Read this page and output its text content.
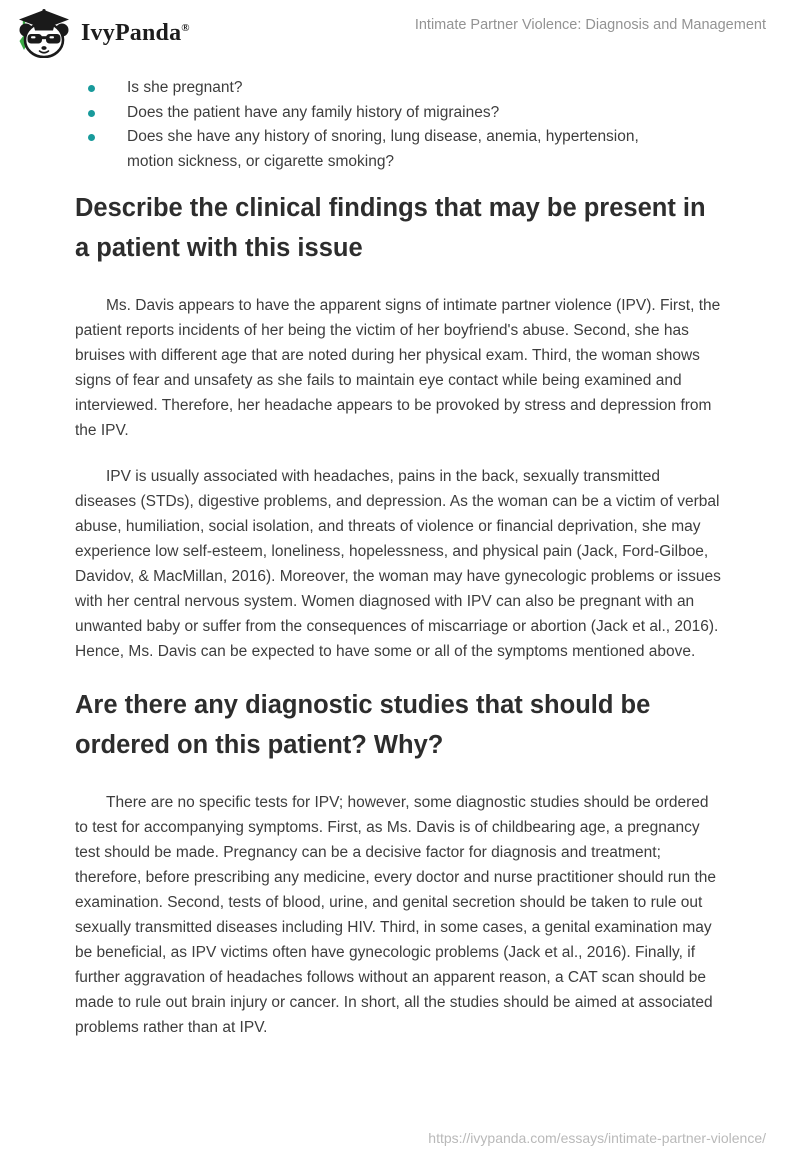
IvyPanda®	Intimate Partner Violence: Diagnosis and Management
Is she pregnant?
Does the patient have any family history of migraines?
Does she have any history of snoring, lung disease, anemia, hypertension, motion sickness, or cigarette smoking?
Describe the clinical findings that may be present in a patient with this issue

Ms. Davis appears to have the apparent signs of intimate partner violence (IPV). First, the patient reports incidents of her being the victim of her boyfriend's abuse. Second, she has bruises with different age that are noted during her physical exam. Third, the woman shows signs of fear and unsafety as she fails to maintain eye contact while being examined and interviewed. Therefore, her headache appears to be provoked by stress and depression from the IPV.

IPV is usually associated with headaches, pains in the back, sexually transmitted diseases (STDs), digestive problems, and depression. As the woman can be a victim of verbal abuse, humiliation, social isolation, and threats of violence or financial deprivation, she may experience low self-esteem, loneliness, hopelessness, and physical pain (Jack, Ford-Gilboe, Davidov, & MacMillan, 2016). Moreover, the woman may have gynecologic problems or issues with her central nervous system. Women diagnosed with IPV can also be pregnant with an unwanted baby or suffer from the consequences of miscarriage or abortion (Jack et al., 2016). Hence, Ms. Davis can be expected to have some or all of the symptoms mentioned above.

Are there any diagnostic studies that should be ordered on this patient? Why?

There are no specific tests for IPV; however, some diagnostic studies should be ordered to test for accompanying symptoms. First, as Ms. Davis is of childbearing age, a pregnancy test should be made. Pregnancy can be a decisive factor for diagnosis and treatment; therefore, before prescribing any medicine, every doctor and nurse practitioner should run the examination. Second, tests of blood, urine, and genital secretion should be taken to rule out sexually transmitted diseases including HIV. Third, in some cases, a genital examination may be beneficial, as IPV victims often have gynecologic problems (Jack et al., 2016). Finally, if further aggravation of headaches follows without an apparent reason, a CAT scan should be made to rule out brain injury or cancer. In short, all the studies should be aimed at associated problems rather than at IPV.

https://ivypanda.com/essays/intimate-partner-violence/
